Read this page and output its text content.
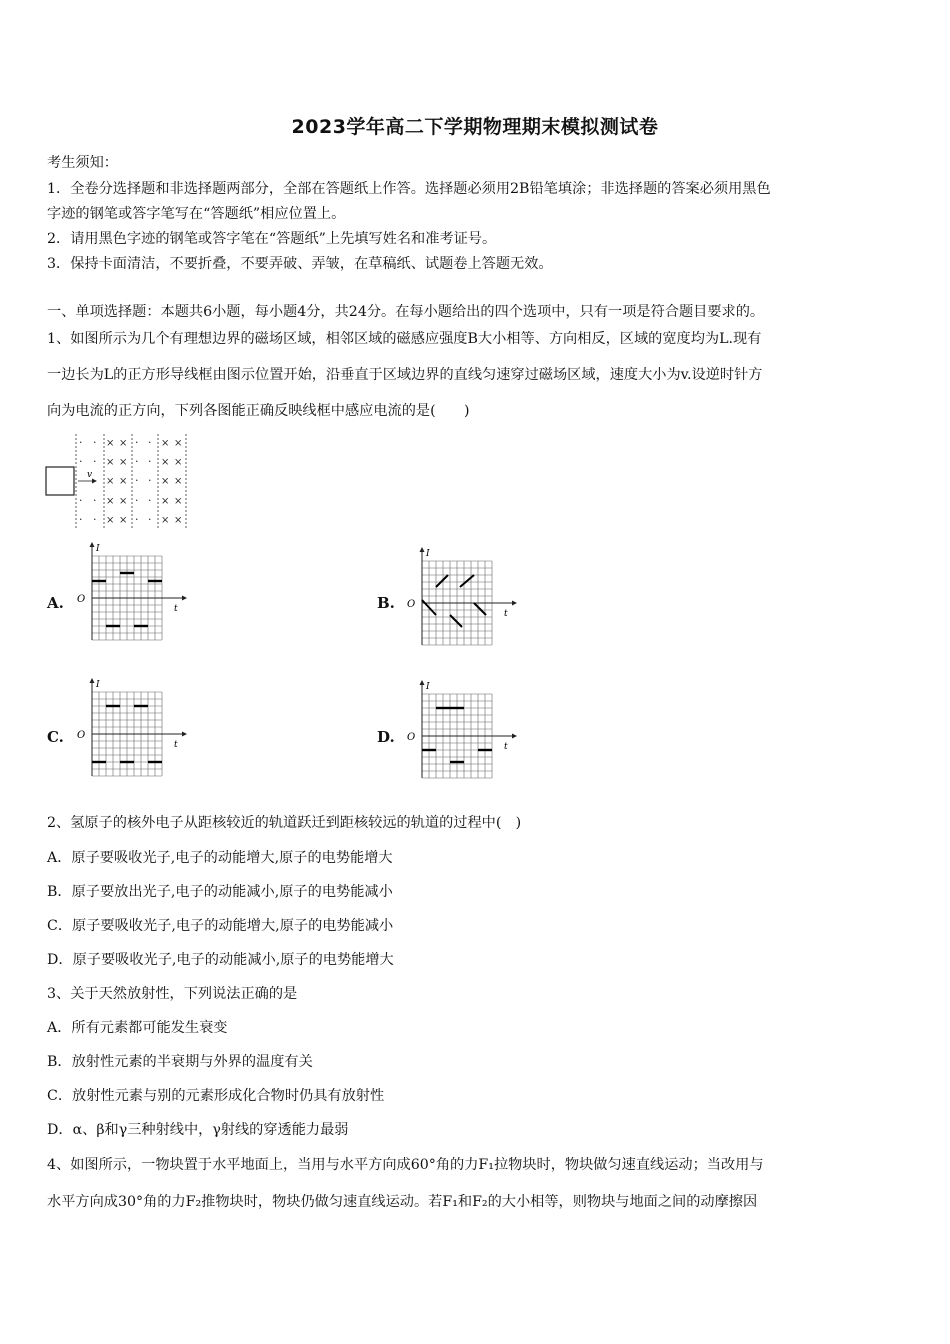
2023学年高二下学期物理期末模拟测试卷
考生须知：
1．全卷分选择题和非选择题两部分，全部在答题纸上作答。选择题必须用2B铅笔填涂；非选择题的答案必须用黑色
字迹的钢笔或答字笔写在“答题纸”相应位置上。
2．请用黑色字迹的钢笔或答字笔在“答题纸”上先填写姓名和准考证号。
3．保持卡面清洁，不要折叠，不要弄破、弄皱，在草稿纸、试题卷上答题无效。
一、单项选择题：本题共6小题，每小题4分，共24分。在每小题给出的四个选项中，只有一项是符合题目要求的。
1、如图所示为几个有理想边界的磁场区域，相邻区域的磁感应强度B大小相等、方向相反，区域的宽度均为L.现有
一边长为L的正方形导线框由图示位置开始，沿垂直于区域边界的直线匀速穿过磁场区域，速度大小为v.设逆时针方
向为电流的正方向，下列各图能正确反映线框中感应电流的是(　　)
v
· ·
· ·
· ·
· ·
· ·
· ·
· ·
· ·
· ·
× ×
× ×
× ×
× ×
× ×
× ×
× ×
× ×
× ×
× ×
A.	B.
C.	D.
I
t
O
I
t
O
I
t
O
I
t
O
2、氢原子的核外电子从距核较近的轨道跃迁到距核较远的轨道的过程中(　)
A．原子要吸收光子,电子的动能增大,原子的电势能增大
B．原子要放出光子,电子的动能减小,原子的电势能减小
C．原子要吸收光子,电子的动能增大,原子的电势能减小
D．原子要吸收光子,电子的动能减小,原子的电势能增大
3、关于天然放射性，下列说法正确的是
A．所有元素都可能发生衰变
B．放射性元素的半衰期与外界的温度有关
C．放射性元素与别的元素形成化合物时仍具有放射性
D．α、β和γ三种射线中，γ射线的穿透能力最弱
4、如图所示，一物块置于水平地面上，当用与水平方向成60°角的力F₁拉物块时，物块做匀速直线运动；当改用与
水平方向成30°角的力F₂推物块时，物块仍做匀速直线运动。若F₁和F₂的大小相等，则物块与地面之间的动摩擦因
